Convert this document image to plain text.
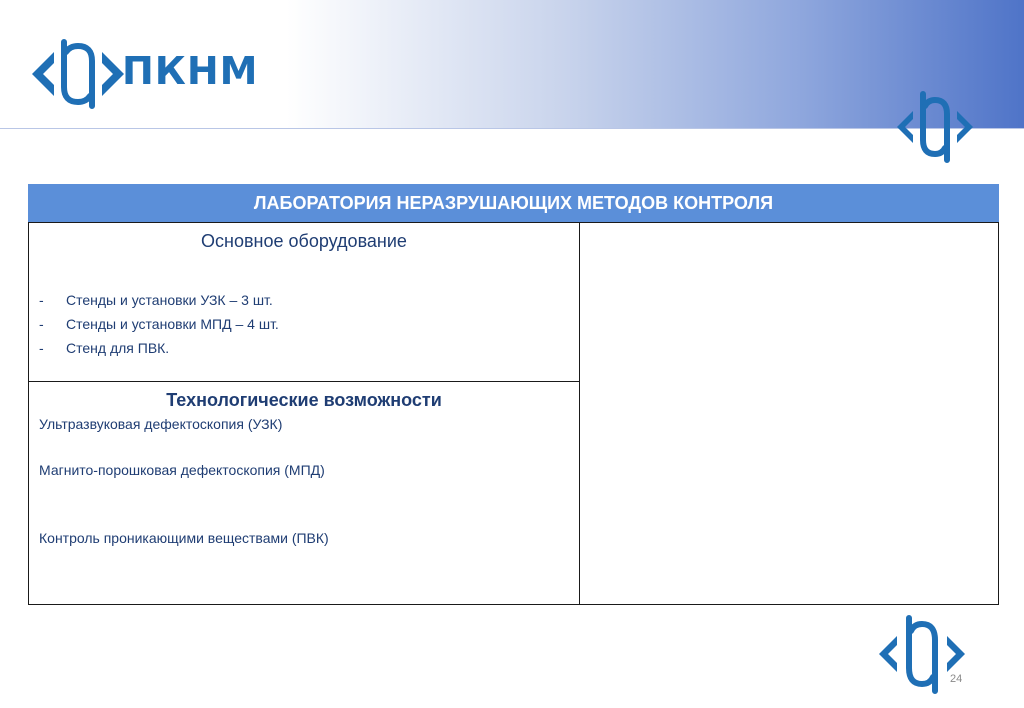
ПКНМ
ЛАБОРАТОРИЯ НЕРАЗРУШАЮЩИХ МЕТОДОВ КОНТРОЛЯ
Основное оборудование
-	Стенды и установки УЗК – 3 шт.
-	Стенды и установки МПД – 4 шт.
-	Стенд для ПВК.
Технологические возможности
Ультразвуковая дефектоскопия (УЗК)
Магнито-порошковая дефектоскопия (МПД)
Контроль проникающими веществами (ПВК)
24
